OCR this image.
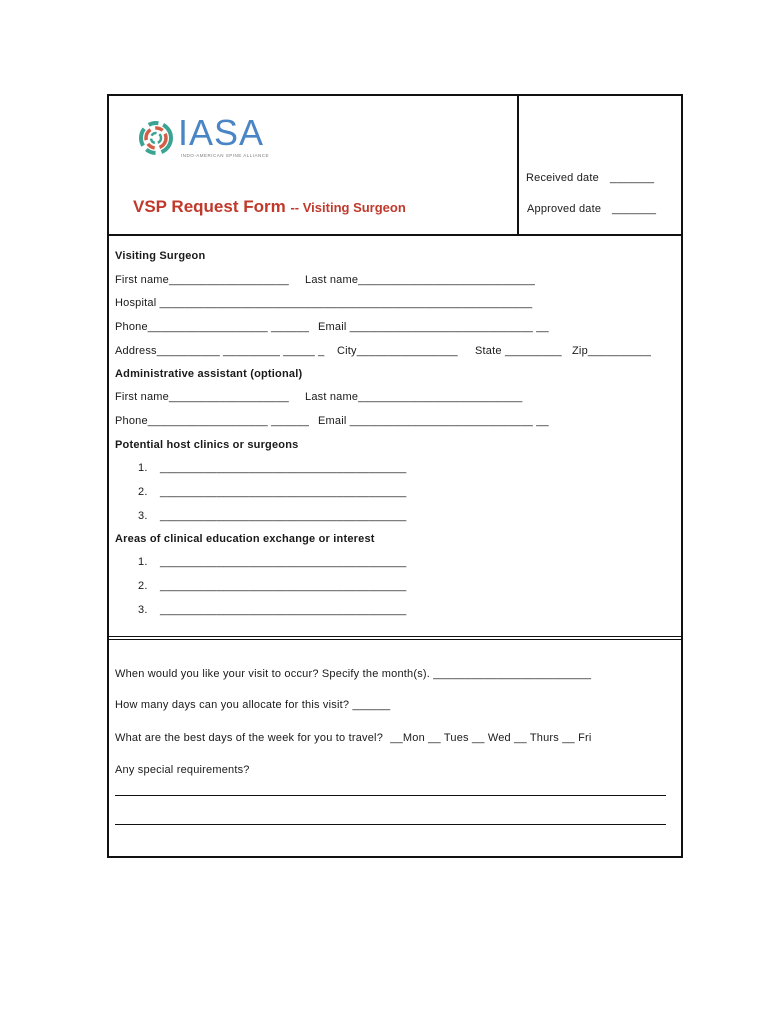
IASA
INDO-AMERICAN SPINE ALLIANCE
VSP Request Form -- Visiting Surgeon
Received date _______
Approved date _______
Visiting Surgeon
First name___________________ Last name____________________________
Hospital ___________________________________________________________
Phone___________________ ______ Email _____________________________ __
Address__________ _________ _____ _ City________________ State _________ Zip__________
Administrative assistant (optional)
First name___________________ Last name__________________________
Phone___________________ ______ Email _____________________________ __
Potential host clinics or surgeons
1. _______________________________________
2. _______________________________________
3. _______________________________________
Areas of clinical education exchange or interest
1. _______________________________________
2. _______________________________________
3. _______________________________________
When would you like your visit to occur? Specify the month(s). _________________________
How many days can you allocate for this visit? ______
What are the best days of the week for you to travel? __Mon __ Tues __ Wed __ Thurs __ Fri
Any special requirements?
